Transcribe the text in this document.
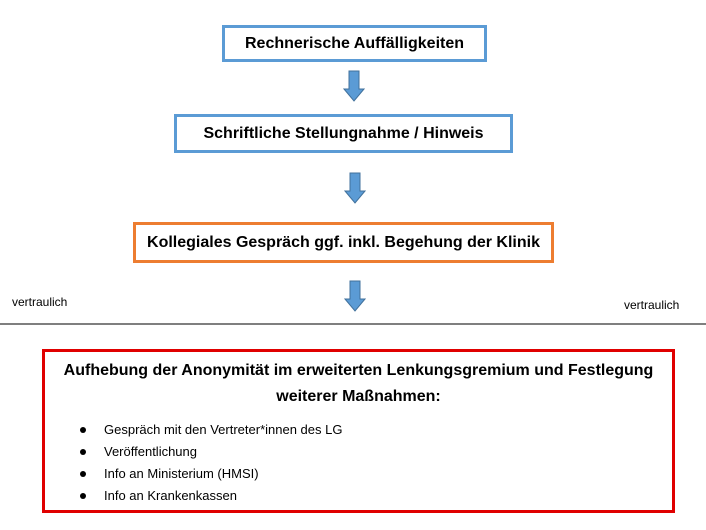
Rechnerische Auffälligkeiten
Schriftliche Stellungnahme / Hinweis
Kollegiales Gespräch ggf. inkl. Begehung der Klinik
vertraulich	vertraulich
Aufhebung der Anonymität im erweiterten Lenkungsgremium und Festlegung
weiterer Maßnahmen:
Gespräch mit den Vertreter*innen des LG
Veröffentlichung
Info an Ministerium (HMSI)
Info an Krankenkassen
